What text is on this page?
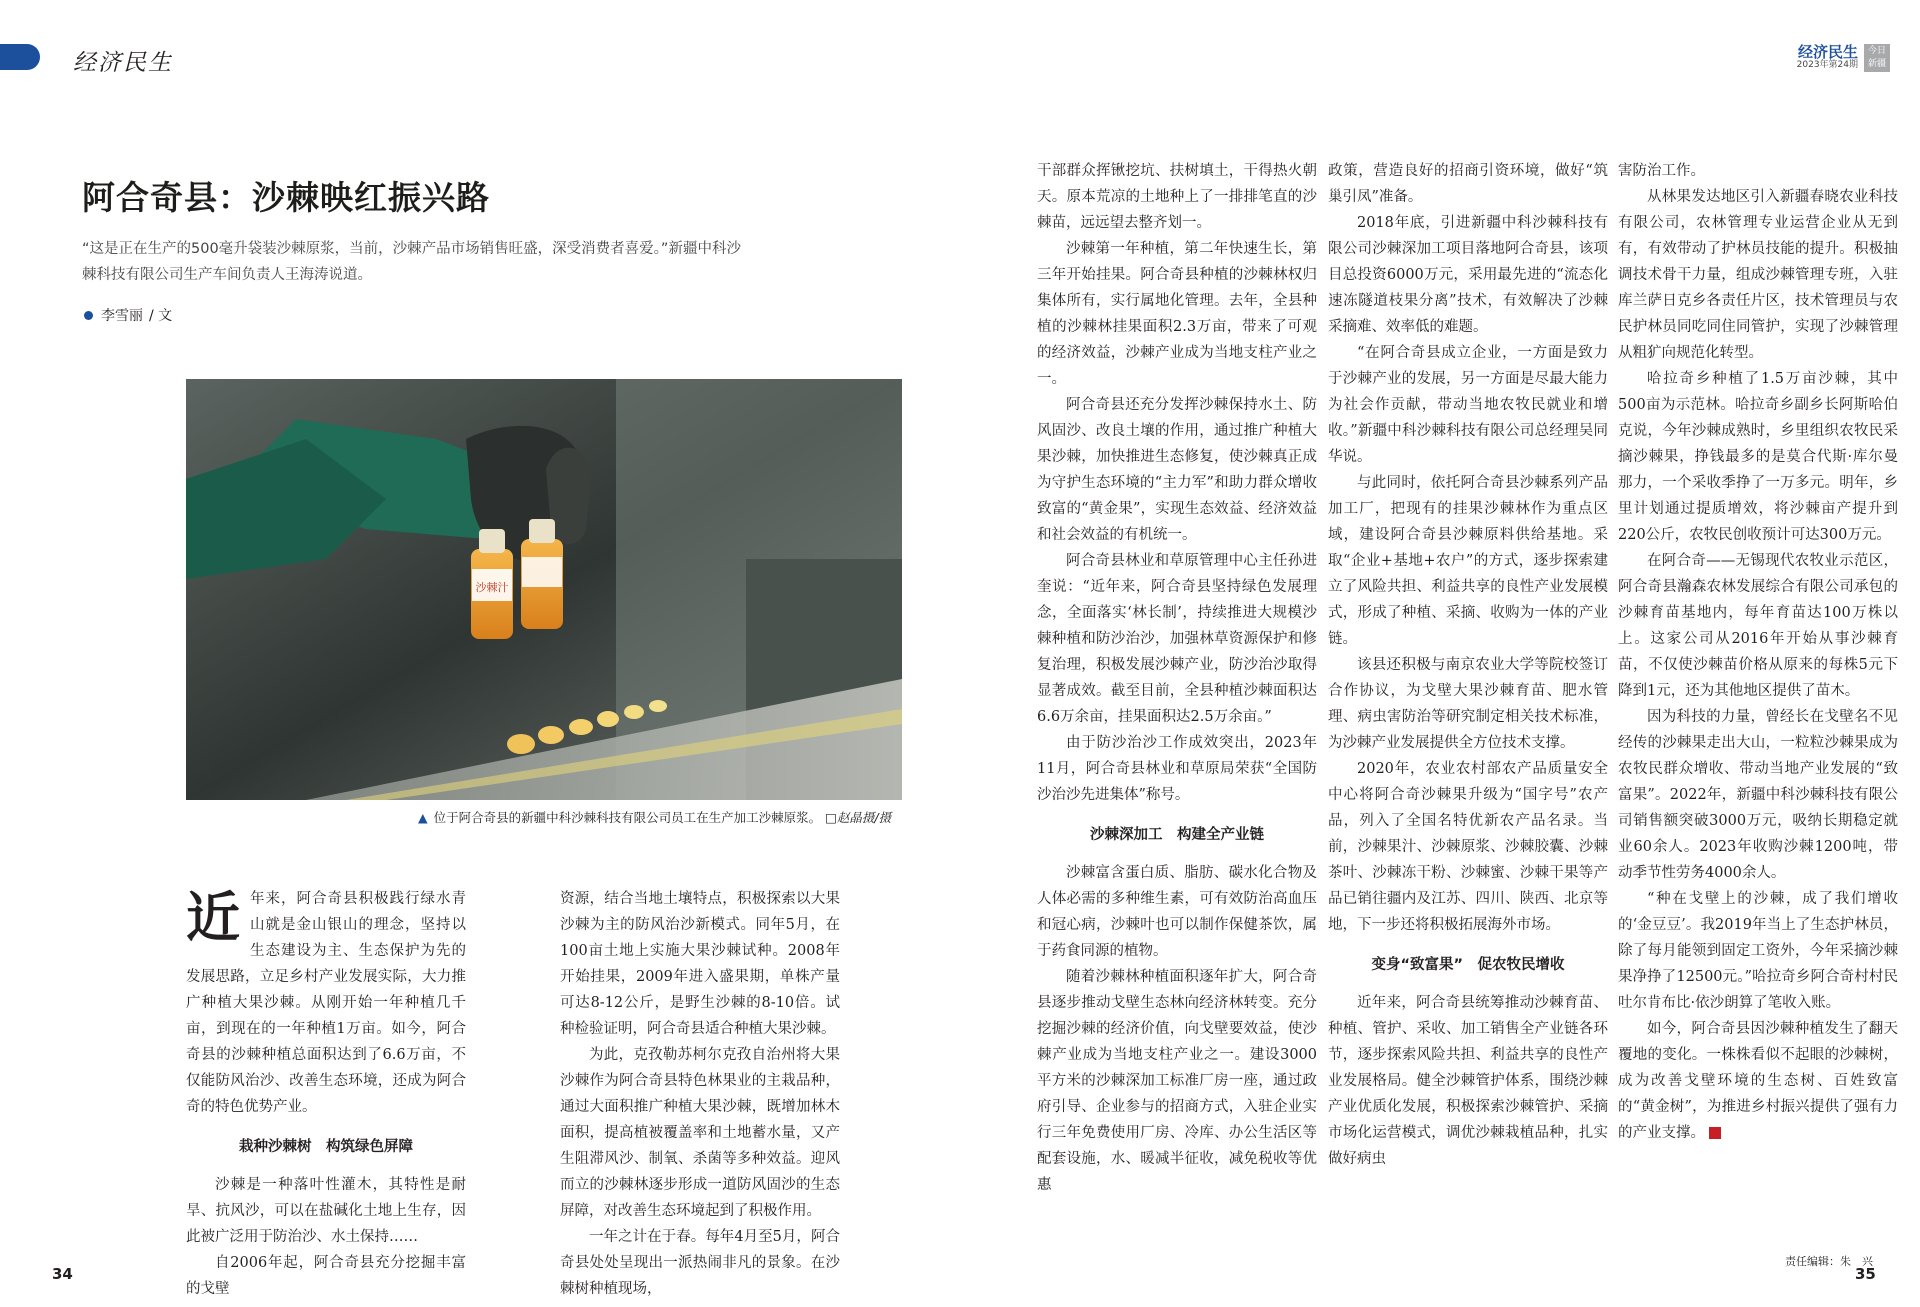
经济民生	经济民生
2023年第24期
今日
新疆
阿合奇县：沙棘映红振兴路

“这是正在生产的500毫升袋装沙棘原浆，当前，沙棘产品市场销售旺盛，深受消费者喜爱。”新疆中科沙棘科技有限公司生产车间负责人王海涛说道。

李雪丽 / 文
沙棘汁
▲ 位于阿合奇县的新疆中科沙棘科技有限公司员工在生产加工沙棘原浆。 □赵晶摄/摄
近 年来，阿合奇县积极践行绿水青山就是金山银山的理念，坚持以生态建设为主、生态保护为先的发展思路，立足乡村产业发展实际，大力推广种植大果沙棘。从刚开始一年种植几千亩，到现在的一年种植1万亩。如今，阿合奇县的沙棘种植总面积达到了6.6万亩，不仅能防风治沙、改善生态环境，还成为阿合奇的特色优势产业。

栽种沙棘树　构筑绿色屏障

沙棘是一种落叶性灌木，其特性是耐旱、抗风沙，可以在盐碱化土地上生存，因此被广泛用于防治沙、水土保持……

自2006年起，阿合奇县充分挖掘丰富的戈壁

资源，结合当地土壤特点，积极探索以大果沙棘为主的防风治沙新模式。同年5月，在100亩土地上实施大果沙棘试种。2008年开始挂果，2009年进入盛果期，单株产量可达8-12公斤，是野生沙棘的8-10倍。试种检验证明，阿合奇县适合种植大果沙棘。

为此，克孜勒苏柯尔克孜自治州将大果沙棘作为阿合奇县特色林果业的主栽品种，通过大面积推广种植大果沙棘，既增加林木面积，提高植被覆盖率和土地蓄水量，又产生阻滞风沙、制氧、杀菌等多种效益。迎风而立的沙棘林逐步形成一道防风固沙的生态屏障，对改善生态环境起到了积极作用。

一年之计在于春。每年4月至5月，阿合奇县处处呈现出一派热闹非凡的景象。在沙棘树种植现场，

干部群众挥锹挖坑、扶树填土，干得热火朝天。原本荒凉的土地种上了一排排笔直的沙棘苗，远远望去整齐划一。

沙棘第一年种植，第二年快速生长，第三年开始挂果。阿合奇县种植的沙棘林权归集体所有，实行属地化管理。去年，全县种植的沙棘林挂果面积2.3万亩，带来了可观的经济效益，沙棘产业成为当地支柱产业之一。

阿合奇县还充分发挥沙棘保持水土、防风固沙、改良土壤的作用，通过推广种植大果沙棘，加快推进生态修复，使沙棘真正成为守护生态环境的“主力军”和助力群众增收致富的“黄金果”，实现生态效益、经济效益和社会效益的有机统一。

阿合奇县林业和草原管理中心主任孙进奎说：“近年来，阿合奇县坚持绿色发展理念，全面落实‘林长制’，持续推进大规模沙棘种植和防沙治沙，加强林草资源保护和修复治理，积极发展沙棘产业，防沙治沙取得显著成效。截至目前，全县种植沙棘面积达6.6万余亩，挂果面积达2.5万余亩。”

由于防沙治沙工作成效突出，2023年11月，阿合奇县林业和草原局荣获“全国防沙治沙先进集体”称号。

沙棘深加工　构建全产业链

沙棘富含蛋白质、脂肪、碳水化合物及人体必需的多种维生素，可有效防治高血压和冠心病，沙棘叶也可以制作保健茶饮，属于药食同源的植物。

随着沙棘林种植面积逐年扩大，阿合奇县逐步推动戈壁生态林向经济林转变。充分挖掘沙棘的经济价值，向戈壁要效益，使沙棘产业成为当地支柱产业之一。建设3000平方米的沙棘深加工标准厂房一座，通过政府引导、企业参与的招商方式，入驻企业实行三年免费使用厂房、冷库、办公生活区等配套设施，水、暖减半征收，减免税收等优惠

政策，营造良好的招商引资环境，做好“筑巢引凤”准备。

2018年底，引进新疆中科沙棘科技有限公司沙棘深加工项目落地阿合奇县，该项目总投资6000万元，采用最先进的“流态化速冻隧道枝果分离”技术，有效解决了沙棘采摘难、效率低的难题。

“在阿合奇县成立企业，一方面是致力于沙棘产业的发展，另一方面是尽最大能力为社会作贡献，带动当地农牧民就业和增收。”新疆中科沙棘科技有限公司总经理吴同华说。

与此同时，依托阿合奇县沙棘系列产品加工厂，把现有的挂果沙棘林作为重点区域，建设阿合奇县沙棘原料供给基地。采取“企业+基地+农户”的方式，逐步探索建立了风险共担、利益共享的良性产业发展模式，形成了种植、采摘、收购为一体的产业链。

该县还积极与南京农业大学等院校签订合作协议，为戈壁大果沙棘育苗、肥水管理、病虫害防治等研究制定相关技术标准，为沙棘产业发展提供全方位技术支撑。

2020年，农业农村部农产品质量安全中心将阿合奇沙棘果升级为“国字号”农产品，列入了全国名特优新农产品名录。当前，沙棘果汁、沙棘原浆、沙棘胶囊、沙棘茶叶、沙棘冻干粉、沙棘蜜、沙棘干果等产品已销往疆内及江苏、四川、陕西、北京等地，下一步还将积极拓展海外市场。

变身“致富果”　促农牧民增收

近年来，阿合奇县统筹推动沙棘育苗、种植、管护、采收、加工销售全产业链各环节，逐步探索风险共担、利益共享的良性产业发展格局。健全沙棘管护体系，围绕沙棘产业优质化发展，积极探索沙棘管护、采摘市场化运营模式，调优沙棘栽植品种，扎实做好病虫

害防治工作。

从林果发达地区引入新疆春晓农业科技有限公司，农林管理专业运营企业从无到有，有效带动了护林员技能的提升。积极抽调技术骨干力量，组成沙棘管理专班，入驻库兰萨日克乡各责任片区，技术管理员与农民护林员同吃同住同管护，实现了沙棘管理从粗犷向规范化转型。

哈拉奇乡种植了1.5万亩沙棘，其中500亩为示范林。哈拉奇乡副乡长阿斯哈伯克说，今年沙棘成熟时，乡里组织农牧民采摘沙棘果，挣钱最多的是莫合代斯·库尔曼那力，一个采收季挣了一万多元。明年，乡里计划通过提质增效，将沙棘亩产提升到220公斤，农牧民创收预计可达300万元。

在阿合奇——无锡现代农牧业示范区，阿合奇县瀚森农林发展综合有限公司承包的沙棘育苗基地内，每年育苗达100万株以上。这家公司从2016年开始从事沙棘育苗，不仅使沙棘苗价格从原来的每株5元下降到1元，还为其他地区提供了苗木。

因为科技的力量，曾经长在戈壁名不见经传的沙棘果走出大山，一粒粒沙棘果成为农牧民群众增收、带动当地产业发展的“致富果”。2022年，新疆中科沙棘科技有限公司销售额突破3000万元，吸纳长期稳定就业60余人。2023年收购沙棘1200吨，带动季节性劳务4000余人。

“种在戈壁上的沙棘，成了我们增收的‘金豆豆’。我2019年当上了生态护林员，除了每月能领到固定工资外，今年采摘沙棘果净挣了12500元。”哈拉奇乡阿合奇村村民吐尔肯布比·依沙朗算了笔收入账。

如今，阿合奇县因沙棘种植发生了翻天覆地的变化。一株株看似不起眼的沙棘树，成为改善戈壁环境的生态树、百姓致富的“黄金树”，为推进乡村振兴提供了强有力的产业支撑。	J

34
责任编辑：朱　兴
35
